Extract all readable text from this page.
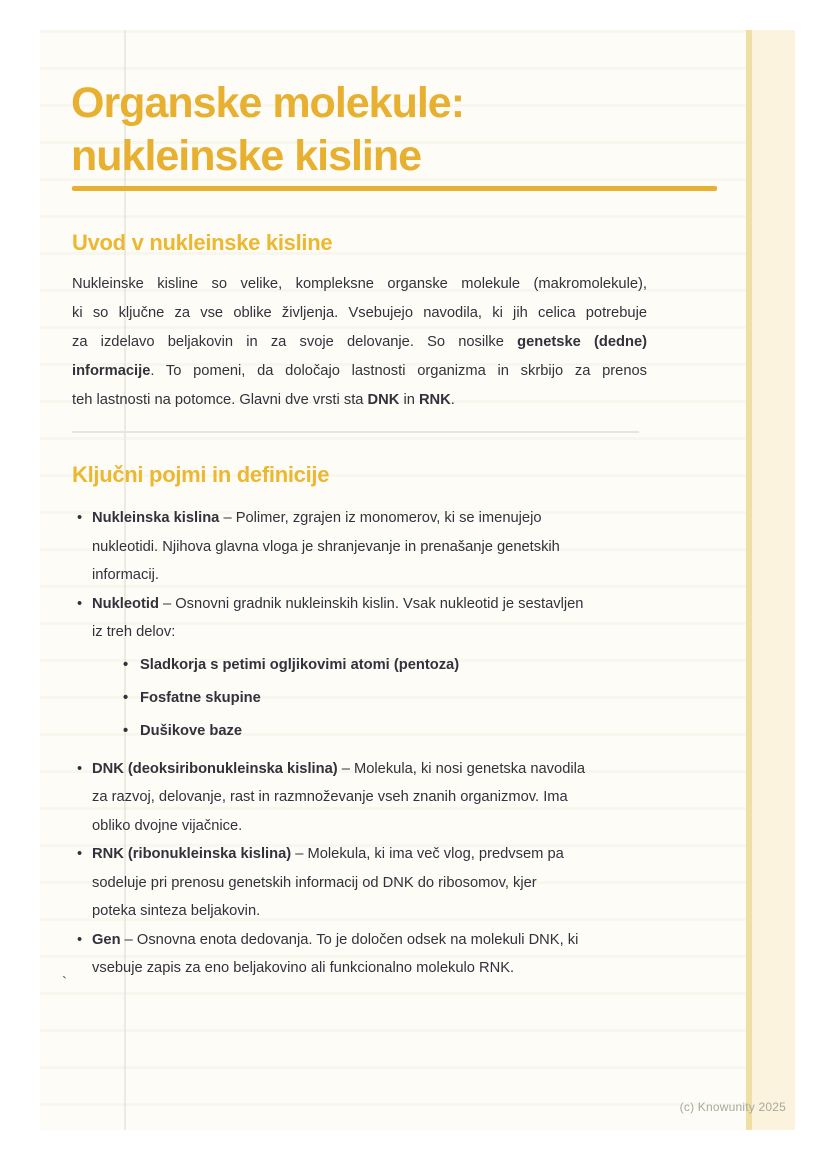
Organske molekule:
nukleinske kisline
Uvod v nukleinske kisline
Nukleinske kisline so velike, kompleksne organske molekule (makromolekule),
ki so ključne za vse oblike življenja. Vsebujejo navodila, ki jih celica potrebuje
za izdelavo beljakovin in za svoje delovanje. So nosilke genetske (dedne)
informacije. To pomeni, da določajo lastnosti organizma in skrbijo za prenos
teh lastnosti na potomce. Glavni dve vrsti sta DNK in RNK.
Ključni pojmi in definicije
• Nukleinska kislina – Polimer, zgrajen iz monomerov, ki se imenujejo
nukleotidi. Njihova glavna vloga je shranjevanje in prenašanje genetskih
informacij.
• Nukleotid – Osnovni gradnik nukleinskih kislin. Vsak nukleotid je sestavljen
iz treh delov:
• Sladkorja s petimi ogljikovimi atomi (pentoza)
• Fosfatne skupine
• Dušikove baze
• DNK (deoksiribonukleinska kislina) – Molekula, ki nosi genetska navodila
za razvoj, delovanje, rast in razmnoževanje vseh znanih organizmov. Ima
obliko dvojne vijačnice.
• RNK (ribonukleinska kislina) – Molekula, ki ima več vlog, predvsem pa
sodeluje pri prenosu genetskih informacij od DNK do ribosomov, kjer
poteka sinteza beljakovin.
• Gen – Osnovna enota dedovanja. To je določen odsek na molekuli DNK, ki
vsebuje zapis za eno beljakovino ali funkcionalno molekulo RNK.
`
(c) Knowunity 2025
